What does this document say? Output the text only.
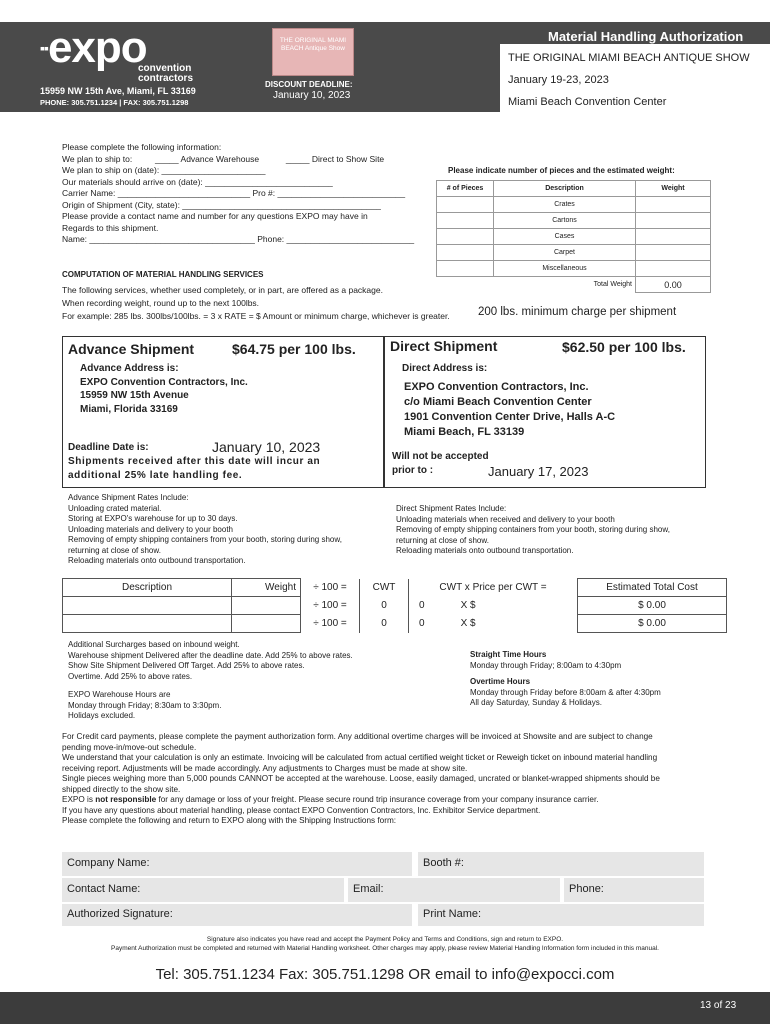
Material Handling Authorization
▪▪expo
convention contractors
15959 NW 15th Ave, Miami, FL 33169
PHONE: 305.751.1234 | FAX: 305.751.1298
THE ORIGINAL MIAMI BEACH Antique Show
DISCOUNT DEADLINE:
January 10, 2023
THE ORIGINAL MIAMI BEACH ANTIQUE SHOW
January 19-23, 2023
Miami Beach Convention Center
Please complete the following information:
We plan to ship to:	_____ Advance Warehouse	_____ Direct to Show Site
We plan to ship on (date): ______________________
Our materials should arrive on (date): ___________________________
Carrier Name: ____________________________ Pro #: ___________________________
Origin of Shipment (City, state): __________________________________________
Please provide a contact name and number for any questions EXPO may have in
Regards to this shipment.
Name: ___________________________________ Phone: ___________________________
Please indicate number of pieces and the estimated weight:
# of Pieces	Description	Weight
	Crates	
	Cartons	
	Cases	
	Carpet	
	Miscellaneous	
Total Weight		0.00
COMPUTATION OF MATERIAL HANDLING SERVICES
The following services, whether used completely, or in part, are offered as a package.
When recording weight, round up to the next 100lbs.
For example: 285 lbs. 300lbs/100lbs. = 3 x RATE = $ Amount or minimum charge, whichever is greater. 200 lbs. minimum charge per shipment
Advance Shipment	$64.75 per 100 lbs.
Advance Address is:
EXPO Convention Contractors, Inc.
15959 NW 15th Avenue
Miami, Florida 33169
Deadline Date is:	January 10, 2023
Shipments received after this date will incur an
additional 25% late handling fee.
Direct Shipment	$62.50 per 100 lbs.
Direct Address is:
EXPO Convention Contractors, Inc.
c/o Miami Beach Convention Center
1901 Convention Center Drive, Halls A-C
Miami Beach, FL 33139
Will not be accepted
prior to :	January 17, 2023
Advance Shipment Rates Include:
Unloading crated material.
Storing at EXPO's warehouse for up to 30 days.
Unloading materials and delivery to your booth
Removing of empty shipping containers from your booth, storing during show,
returning at close of show.
Reloading materials onto outbound transportation.
Direct Shipment Rates Include:
Unloading materials when received and delivery to your booth
Removing of empty shipping containers from your booth, storing during show,
returning at close of show.
Reloading materials onto outbound transportation.
Description	Weight	÷ 100 =	CWT	CWT x Price per CWT =	Estimated Total Cost
		÷ 100 =	0	0 X $	$ 0.00
		÷ 100 =	0	0 X $	$ 0.00
Additional Surcharges based on inbound weight.
Warehouse shipment Delivered after the deadline date. Add 25% to above rates.
Show Site Shipment Delivered Off Target. Add 25% to above rates.
Overtime. Add 25% to above rates.
EXPO Warehouse Hours are
Monday through Friday; 8:30am to 3:30pm.
Holidays excluded.
Straight Time Hours
Monday through Friday; 8:00am to 4:30pm
Overtime Hours
Monday through Friday before 8:00am & after 4:30pm
All day Saturday, Sunday & Holidays.
For Credit card payments, please complete the payment authorization form. Any additional overtime charges will be invoiced at Showsite and are subject to change
pending move-in/move-out schedule.
We understand that your calculation is only an estimate. Invoicing will be calculated from actual certified weight ticket or Reweigh ticket on inbound material handling
receiving report. Adjustments will be made accordingly. Any adjustments to Charges must be made at show site.
Single pieces weighing more than 5,000 pounds CANNOT be accepted at the warehouse. Loose, easily damaged, uncrated or blanket-wrapped shipments should be
shipped directly to the show site.
EXPO is not responsible for any damage or loss of your freight. Please secure round trip insurance coverage from your company insurance carrier.
If you have any questions about material handling, please contact EXPO Convention Contractors, Inc. Exhibitor Service department.
Please complete the following and return to EXPO along with the Shipping Instructions form:
Company Name:	Booth #:
Contact Name:	Email:	Phone:
Authorized Signature:	Print Name:
Signature also indicates you have read and accept the Payment Policy and Terms and Conditions, sign and return to EXPO.
Payment Authorization must be completed and returned with Material Handling worksheet. Other charges may apply, please review Material Handling Information form included in this manual.
Tel: 305.751.1234 Fax: 305.751.1298 OR email to info@expocci.com
13 of 23
